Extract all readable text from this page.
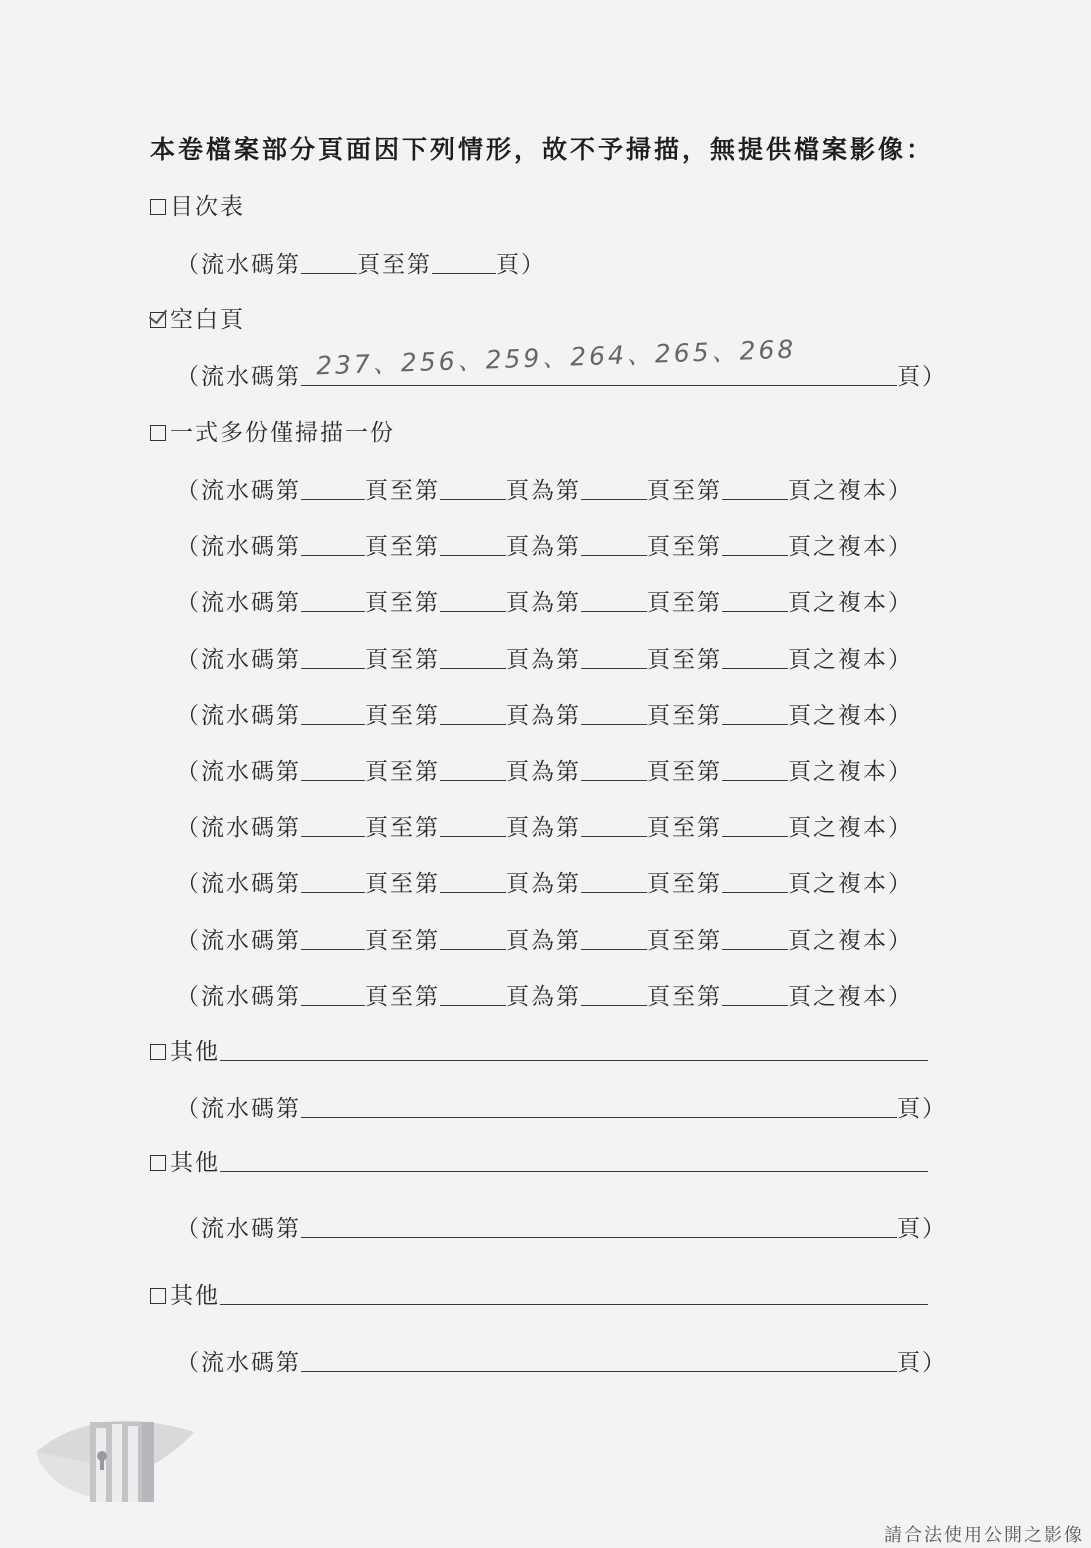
本卷檔案部分頁面因下列情形，故不予掃描，無提供檔案影像：
目次表
（流水碼第 頁至第	頁）
空白頁
（流水碼第	頁）
237、256、259、264、265、268
一式多份僅掃描一份
（流水碼第	頁至第	頁為第	頁至第	頁之複本）
（流水碼第	頁至第	頁為第	頁至第	頁之複本）
（流水碼第	頁至第	頁為第	頁至第	頁之複本）
（流水碼第	頁至第	頁為第	頁至第	頁之複本）
（流水碼第	頁至第	頁為第	頁至第	頁之複本）
（流水碼第	頁至第	頁為第	頁至第	頁之複本）
（流水碼第	頁至第	頁為第	頁至第	頁之複本）
（流水碼第	頁至第	頁為第	頁至第	頁之複本）
（流水碼第	頁至第	頁為第	頁至第	頁之複本）
（流水碼第	頁至第	頁為第	頁至第	頁之複本）
其他
（流水碼第	頁）
其他
（流水碼第	頁）
其他
（流水碼第	頁）
請合法使用公開之影像
